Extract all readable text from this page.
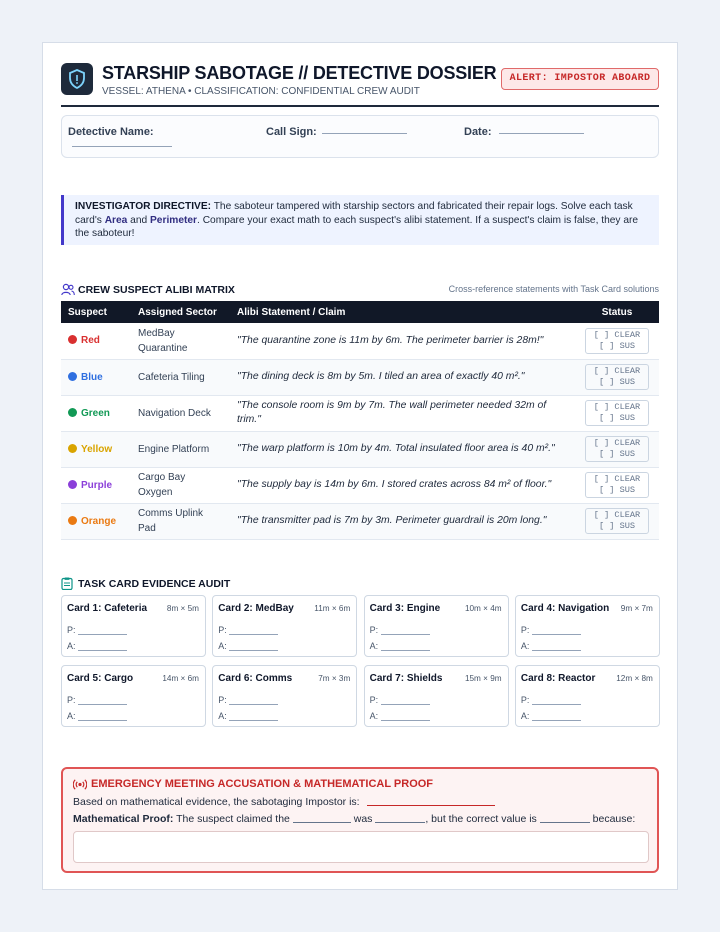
STARSHIP SABOTAGE // DETECTIVE DOSSIER
VESSEL: ATHENA • CLASSIFICATION: CONFIDENTIAL CREW AUDIT
ALERT: IMPOSTOR ABOARD
Detective Name:	Call Sign:	Date:
INVESTIGATOR DIRECTIVE: The saboteur tampered with starship sectors and fabricated their repair logs. Solve each task card's Area and Perimeter. Compare your exact math to each suspect's alibi statement. If a suspect's claim is false, they are the saboteur!
CREW SUSPECT ALIBI MATRIX	Cross-reference statements with Task Card solutions
Suspect	Assigned Sector	Alibi Statement / Claim	Status
Red	MedBay Quarantine	"The quarantine zone is 11m by 6m. The perimeter barrier is 28m!"	[ ] CLEAR [ ] SUS
Blue	Cafeteria Tiling	"The dining deck is 8m by 5m. I tiled an area of exactly 40 m²."	[ ] CLEAR [ ] SUS
Green	Navigation Deck	"The console room is 9m by 7m. The wall perimeter needed 32m of trim."	[ ] CLEAR [ ] SUS
Yellow	Engine Platform	"The warp platform is 10m by 4m. Total insulated floor area is 40 m²."	[ ] CLEAR [ ] SUS
Purple	Cargo Bay Oxygen	"The supply bay is 14m by 6m. I stored crates across 84 m² of floor."	[ ] CLEAR [ ] SUS
Orange	Comms Uplink Pad	"The transmitter pad is 7m by 3m. Perimeter guardrail is 20m long."	[ ] CLEAR [ ] SUS
TASK CARD EVIDENCE AUDIT
Card 1: Cafeteria 8m × 5m
P:
A:
Card 2: MedBay 11m × 6m
P:
A:
Card 3: Engine	10m × 4m
P:
A:
Card 4: Navigation 9m × 7m
P:
A:
Card 5: Cargo	14m × 6m
P:
A:
Card 6: Comms	7m × 3m
P:
A:
Card 7: Shields	15m × 9m
P:
A:
Card 8: Reactor	12m × 8m
P:
A:
EMERGENCY MEETING ACCUSATION & MATHEMATICAL PROOF
Based on mathematical evidence, the sabotaging Impostor is:
Mathematical Proof: The suspect claimed the	was	, but the correct value is	because:
